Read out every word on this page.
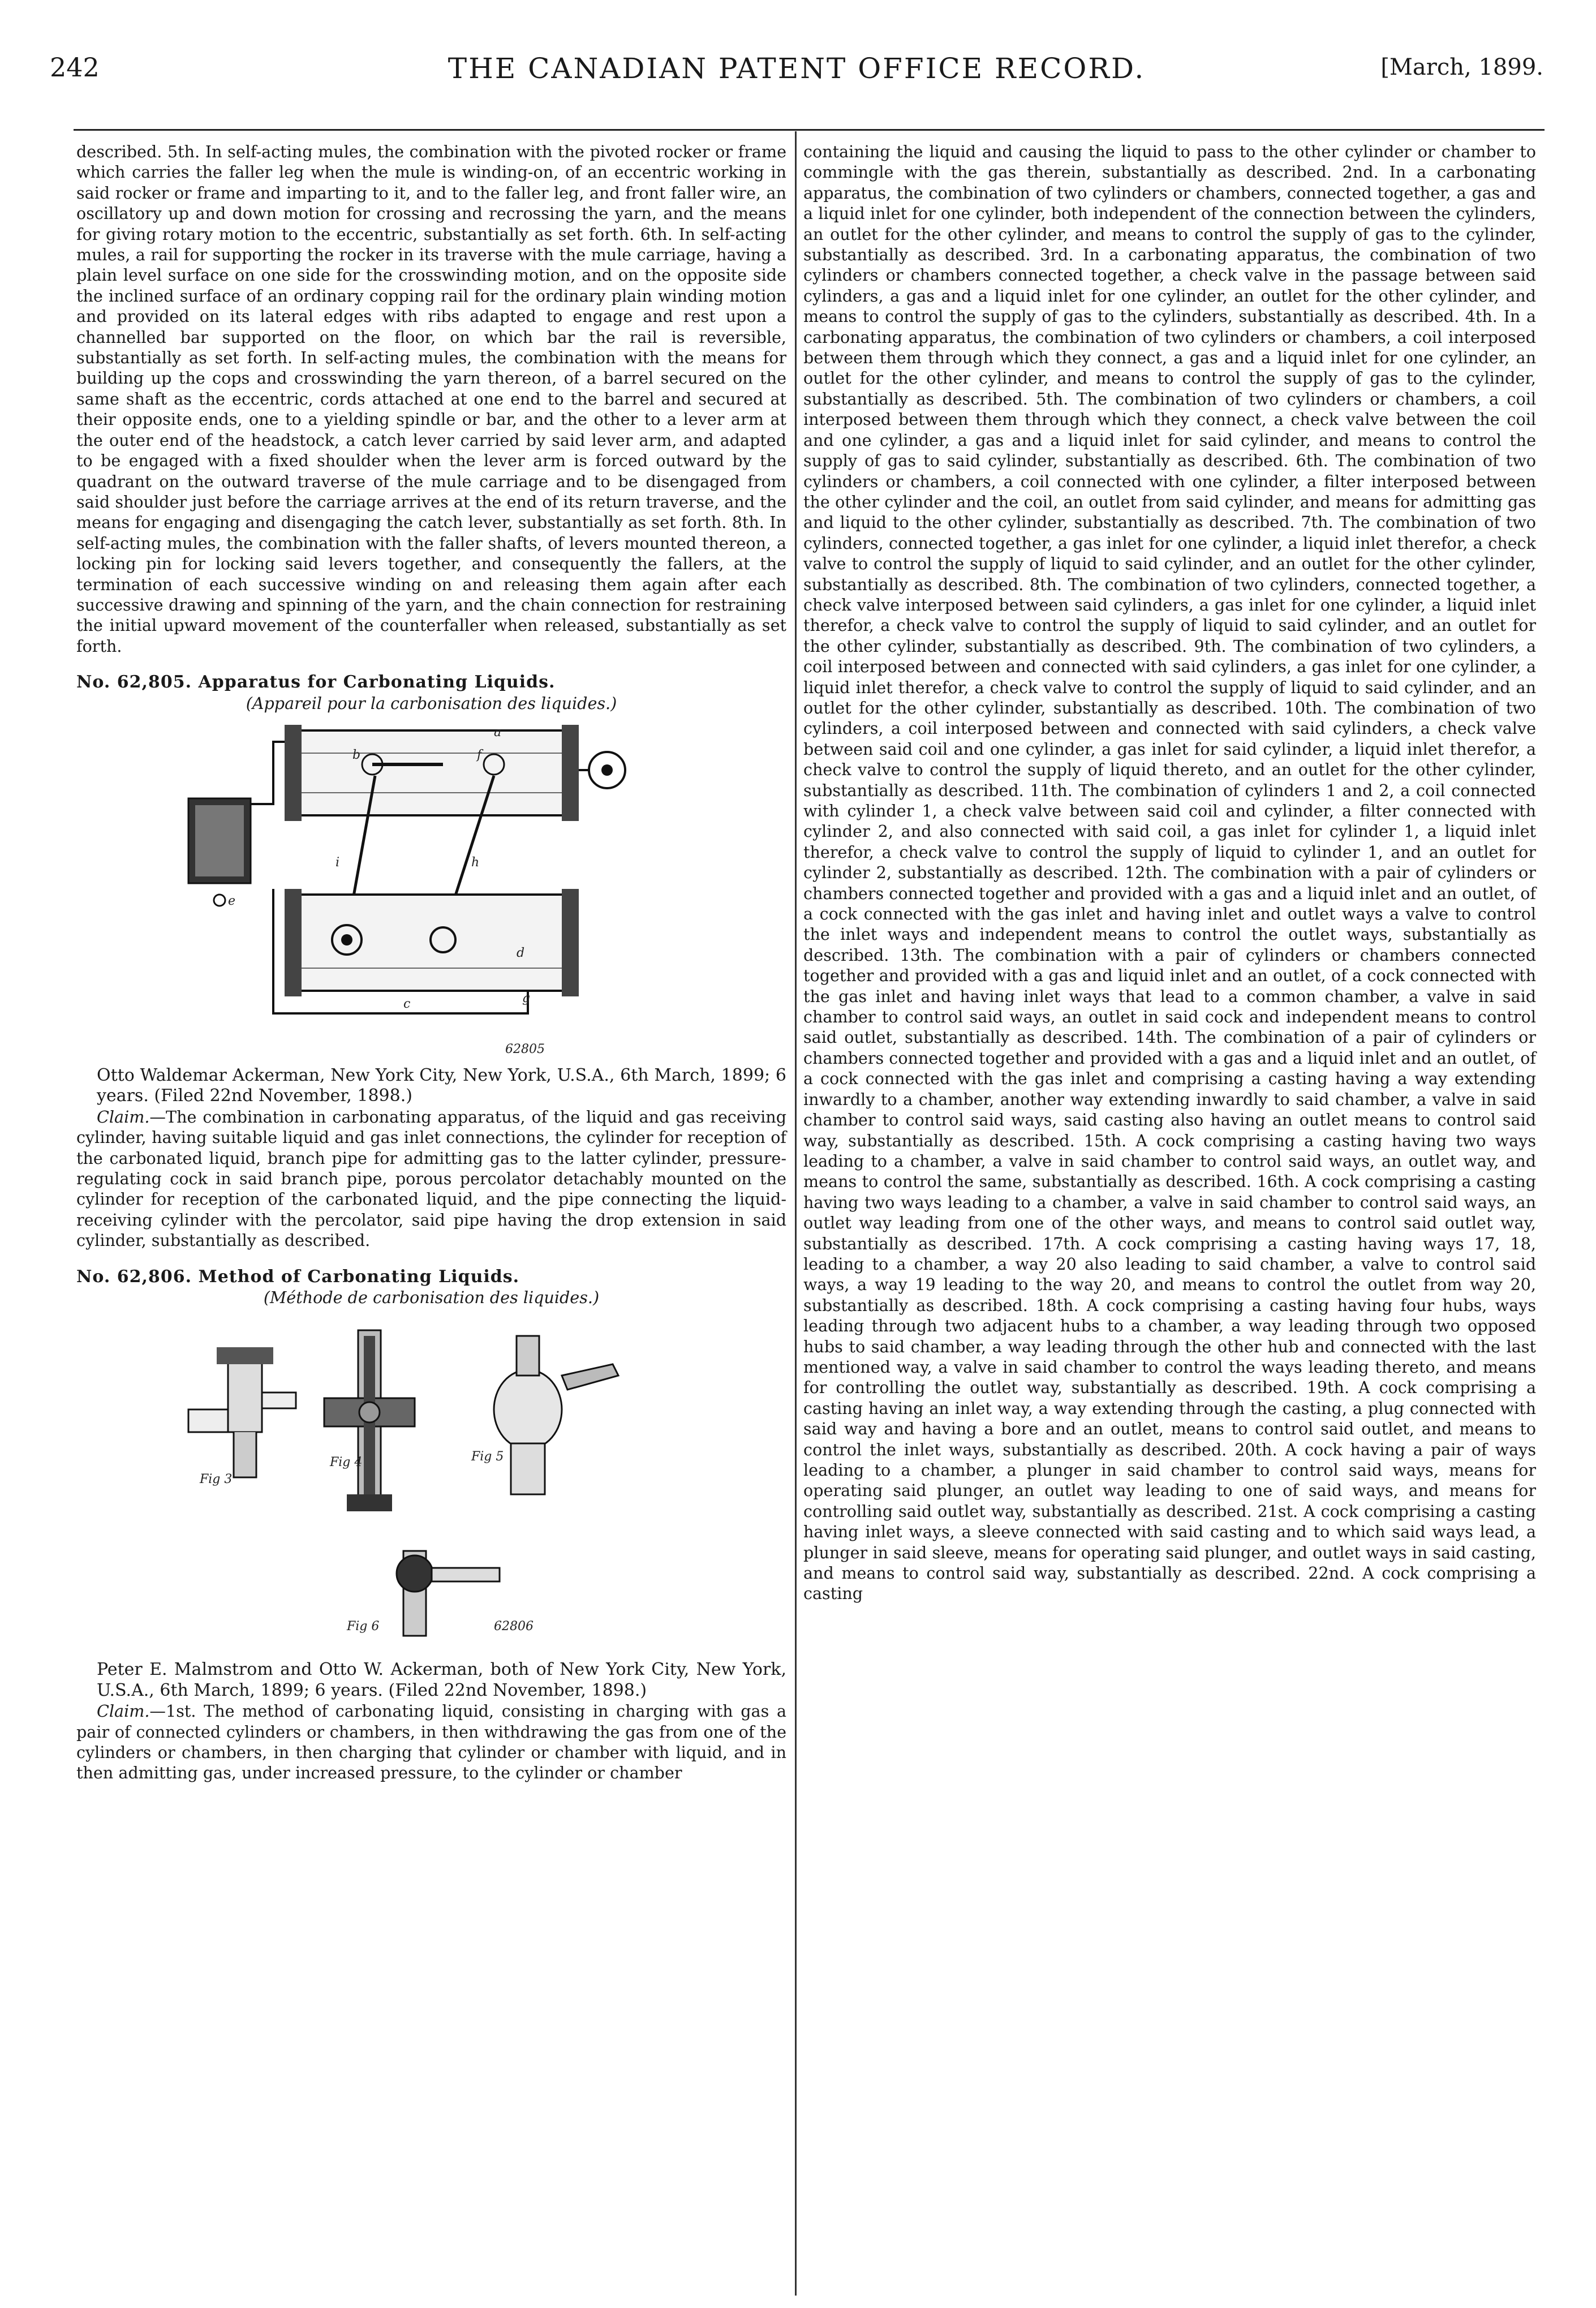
242	THE CANADIAN PATENT OFFICE RECORD.	[March, 1899.

described. 5th. In self-acting mules, the combination with the pivoted rocker or frame which carries the faller leg when the mule is winding-on, of an eccentric working in said rocker or frame and imparting to it, and to the faller leg, and front faller wire, an oscillatory up and down motion for crossing and recrossing the yarn, and the means for giving rotary motion to the eccentric, substantially as set forth. 6th. In self-acting mules, a rail for supporting the rocker in its traverse with the mule carriage, having a plain level surface on one side for the crosswinding motion, and on the opposite side the inclined surface of an ordinary copping rail for the ordinary plain winding motion and provided on its lateral edges with ribs adapted to engage and rest upon a channelled bar supported on the floor, on which bar the rail is reversible, substantially as set forth. In self-acting mules, the combination with the means for building up the cops and crosswinding the yarn thereon, of a barrel secured on the same shaft as the eccentric, cords attached at one end to the barrel and secured at their opposite ends, one to a yielding spindle or bar, and the other to a lever arm at the outer end of the headstock, a catch lever carried by said lever arm, and adapted to be engaged with a fixed shoulder when the lever arm is forced outward by the quadrant on the outward traverse of the mule carriage and to be disengaged from said shoulder just before the carriage arrives at the end of its return traverse, and the means for engaging and disengaging the catch lever, substantially as set forth. 8th. In self-acting mules, the combination with the faller shafts, of levers mounted thereon, a locking pin for locking said levers together, and consequently the fallers, at the termination of each successive winding on and releasing them again after each successive drawing and spinning of the yarn, and the chain connection for restraining the initial upward movement of the counterfaller when released, substantially as set forth.

No. 62,805. Apparatus for Carbonating Liquids.

(Appareil pour la carbonisation des liquides.)

e
a
b	f
i	h
d
g
c
62805

Otto Waldemar Ackerman, New York City, New York, U.S.A., 6th March, 1899; 6 years. (Filed 22nd November, 1898.)

Claim.—The combination in carbonating apparatus, of the liquid and gas receiving cylinder, having suitable liquid and gas inlet connections, the cylinder for reception of the carbonated liquid, branch pipe for admitting gas to the latter cylinder, pressure-regulating cock in said branch pipe, porous percolator detachably mounted on the cylinder for reception of the carbonated liquid, and the pipe connecting the liquid-receiving cylinder with the percolator, said pipe having the drop extension in said cylinder, substantially as described.

No. 62,806. Method of Carbonating Liquids.

(Méthode de carbonisation des liquides.)

Fig 3
Fig 4	Fig 5
Fig 6	62806

Peter E. Malmstrom and Otto W. Ackerman, both of New York City, New York, U.S.A., 6th March, 1899; 6 years. (Filed 22nd November, 1898.)

Claim.—1st. The method of carbonating liquid, consisting in charging with gas a pair of connected cylinders or chambers, in then withdrawing the gas from one of the cylinders or chambers, in then charging that cylinder or chamber with liquid, and in then admitting gas, under increased pressure, to the cylinder or chamber

containing the liquid and causing the liquid to pass to the other cylinder or chamber to commingle with the gas therein, substantially as described. 2nd. In a carbonating apparatus, the combination of two cylinders or chambers, connected together, a gas and a liquid inlet for one cylinder, both independent of the connection between the cylinders, an outlet for the other cylinder, and means to control the supply of gas to the cylinder, substantially as described. 3rd. In a carbonating apparatus, the combination of two cylinders or chambers connected together, a check valve in the passage between said cylinders, a gas and a liquid inlet for one cylinder, an outlet for the other cylinder, and means to control the supply of gas to the cylinders, substantially as described. 4th. In a carbonating apparatus, the combination of two cylinders or chambers, a coil interposed between them through which they connect, a gas and a liquid inlet for one cylinder, an outlet for the other cylinder, and means to control the supply of gas to the cylinder, substantially as described. 5th. The combination of two cylinders or chambers, a coil interposed between them through which they connect, a check valve between the coil and one cylinder, a gas and a liquid inlet for said cylinder, and means to control the supply of gas to said cylinder, substantially as described. 6th. The combination of two cylinders or chambers, a coil connected with one cylinder, a filter interposed between the other cylinder and the coil, an outlet from said cylinder, and means for admitting gas and liquid to the other cylinder, substantially as described. 7th. The combination of two cylinders, connected together, a gas inlet for one cylinder, a liquid inlet therefor, a check valve to control the supply of liquid to said cylinder, and an outlet for the other cylinder, substantially as described. 8th. The combination of two cylinders, connected together, a check valve interposed between said cylinders, a gas inlet for one cylinder, a liquid inlet therefor, a check valve to control the supply of liquid to said cylinder, and an outlet for the other cylinder, substantially as described. 9th. The combination of two cylinders, a coil interposed between and connected with said cylinders, a gas inlet for one cylinder, a liquid inlet therefor, a check valve to control the supply of liquid to said cylinder, and an outlet for the other cylinder, substantially as described. 10th. The combination of two cylinders, a coil interposed between and connected with said cylinders, a check valve between said coil and one cylinder, a gas inlet for said cylinder, a liquid inlet therefor, a check valve to control the supply of liquid thereto, and an outlet for the other cylinder, substantially as described. 11th. The combination of cylinders 1 and 2, a coil connected with cylinder 1, a check valve between said coil and cylinder, a filter connected with cylinder 2, and also connected with said coil, a gas inlet for cylinder 1, a liquid inlet therefor, a check valve to control the supply of liquid to cylinder 1, and an outlet for cylinder 2, substantially as described. 12th. The combination with a pair of cylinders or chambers connected together and provided with a gas and a liquid inlet and an outlet, of a cock connected with the gas inlet and having inlet and outlet ways a valve to control the inlet ways and independent means to control the outlet ways, substantially as described. 13th. The combination with a pair of cylinders or chambers connected together and provided with a gas and liquid inlet and an outlet, of a cock connected with the gas inlet and having inlet ways that lead to a common chamber, a valve in said chamber to control said ways, an outlet in said cock and independent means to control said outlet, substantially as described. 14th. The combination of a pair of cylinders or chambers connected together and provided with a gas and a liquid inlet and an outlet, of a cock connected with the gas inlet and comprising a casting having a way extending inwardly to a chamber, another way extending inwardly to said chamber, a valve in said chamber to control said ways, said casting also having an outlet means to control said way, substantially as described. 15th. A cock comprising a casting having two ways leading to a chamber, a valve in said chamber to control said ways, an outlet way, and means to control the same, substantially as described. 16th. A cock comprising a casting having two ways leading to a chamber, a valve in said chamber to control said ways, an outlet way leading from one of the other ways, and means to control said outlet way, substantially as described. 17th. A cock comprising a casting having ways 17, 18, leading to a chamber, a way 20 also leading to said chamber, a valve to control said ways, a way 19 leading to the way 20, and means to control the outlet from way 20, substantially as described. 18th. A cock comprising a casting having four hubs, ways leading through two adjacent hubs to a chamber, a way leading through two opposed hubs to said chamber, a way leading through the other hub and connected with the last mentioned way, a valve in said chamber to control the ways leading thereto, and means for controlling the outlet way, substantially as described. 19th. A cock comprising a casting having an inlet way, a way extending through the casting, a plug connected with said way and having a bore and an outlet, means to control said outlet, and means to control the inlet ways, substantially as described. 20th. A cock having a pair of ways leading to a chamber, a plunger in said chamber to control said ways, means for operating said plunger, an outlet way leading to one of said ways, and means for controlling said outlet way, substantially as described. 21st. A cock comprising a casting having inlet ways, a sleeve connected with said casting and to which said ways lead, a plunger in said sleeve, means for operating said plunger, and outlet ways in said casting, and means to control said way, substantially as described. 22nd. A cock comprising a casting
